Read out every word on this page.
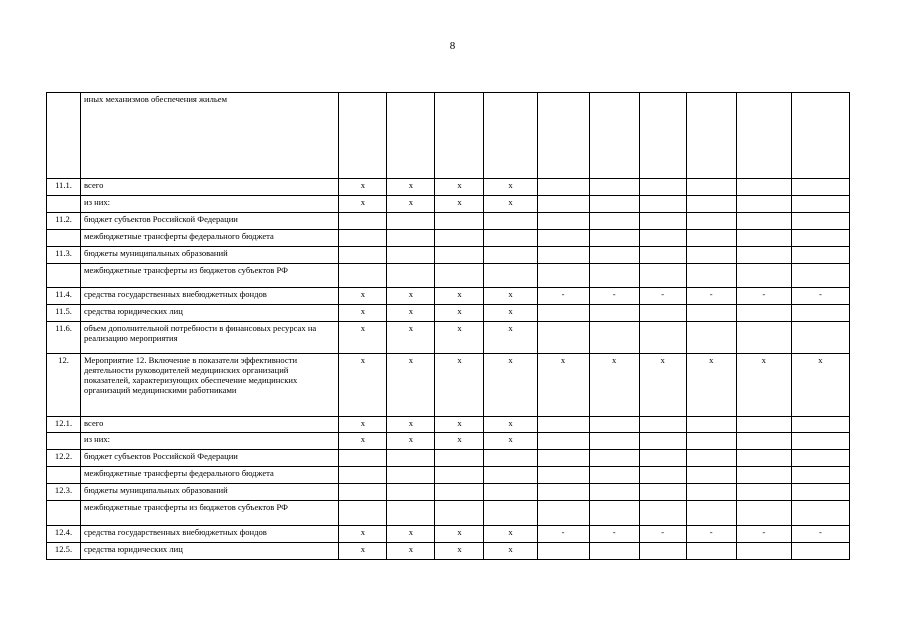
8
	иных механизмов обеспечения жильем										
11.1.	всего	х	х	х	х						
	из них:	х	х	х	х						
11.2.	бюджет субъектов Российской Федерации										
	межбюджетные трансферты федерального бюджета										
11.3.	бюджеты муниципальных образований										
	межбюджетные трансферты из бюджетов субъектов РФ										
11.4.	средства государственных внебюджетных фондов	х	х	х	х	-	-	-	-	-	-
11.5.	средства юридических лиц	х	х	х	х						
11.6.	объем дополнительной потребности в финансовых ресурсах на реализацию мероприятия	х	х	х	х						
12.	Мероприятие 12. Включение в показатели эффективности деятельности руководителей медицинских организаций показателей, характеризующих обеспечение медицинских организаций медицинскими работниками	х	х	х	х	х	х	х	х	х	х
12.1.	всего	х	х	х	х						
	из них:	х	х	х	х						
12.2.	бюджет субъектов Российской Федерации										
	межбюджетные трансферты федерального бюджета										
12.3.	бюджеты муниципальных образований										
	межбюджетные трансферты из бюджетов субъектов РФ										
12.4.	средства государственных внебюджетных фондов	х	х	х	х	-	-	-	-	-	-
12.5.	средства юридических лиц	х	х	х	х						
